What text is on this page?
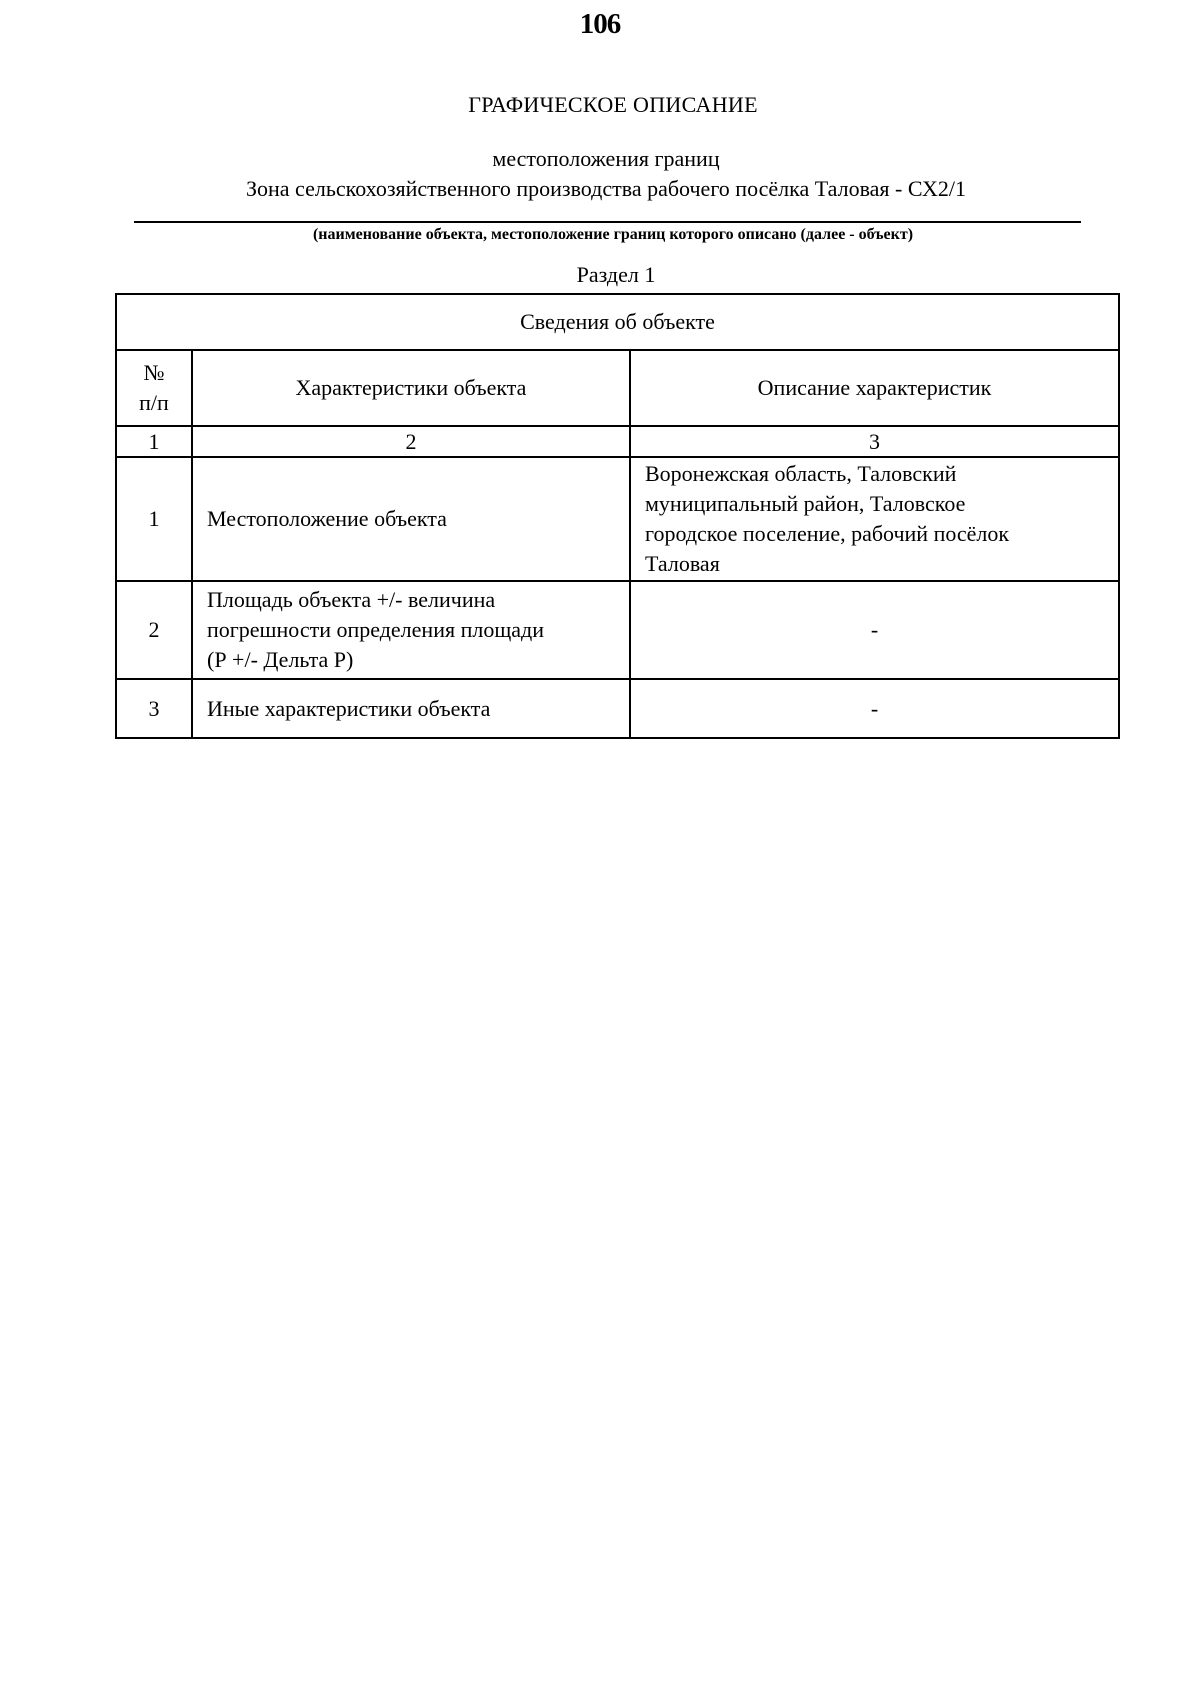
106
ГРАФИЧЕСКОЕ ОПИСАНИЕ
местоположения границ
Зона сельскохозяйственного производства рабочего посёлка Таловая - СХ2/1
(наименование объекта, местоположение границ которого описано (далее - объект)
Раздел 1
Сведения об объекте		

№
п/п	Характеристики объекта	Описание характеристик
1	2	3
1	Местоположение объекта	Воронежская область, Таловский
муниципальный район, Таловское
городское поселение, рабочий посёлок
Таловая

2	Площадь объекта +/- величина
погрешности определения площади
(Р +/- Дельта Р)	-

3	Иные характеристики объекта	-
